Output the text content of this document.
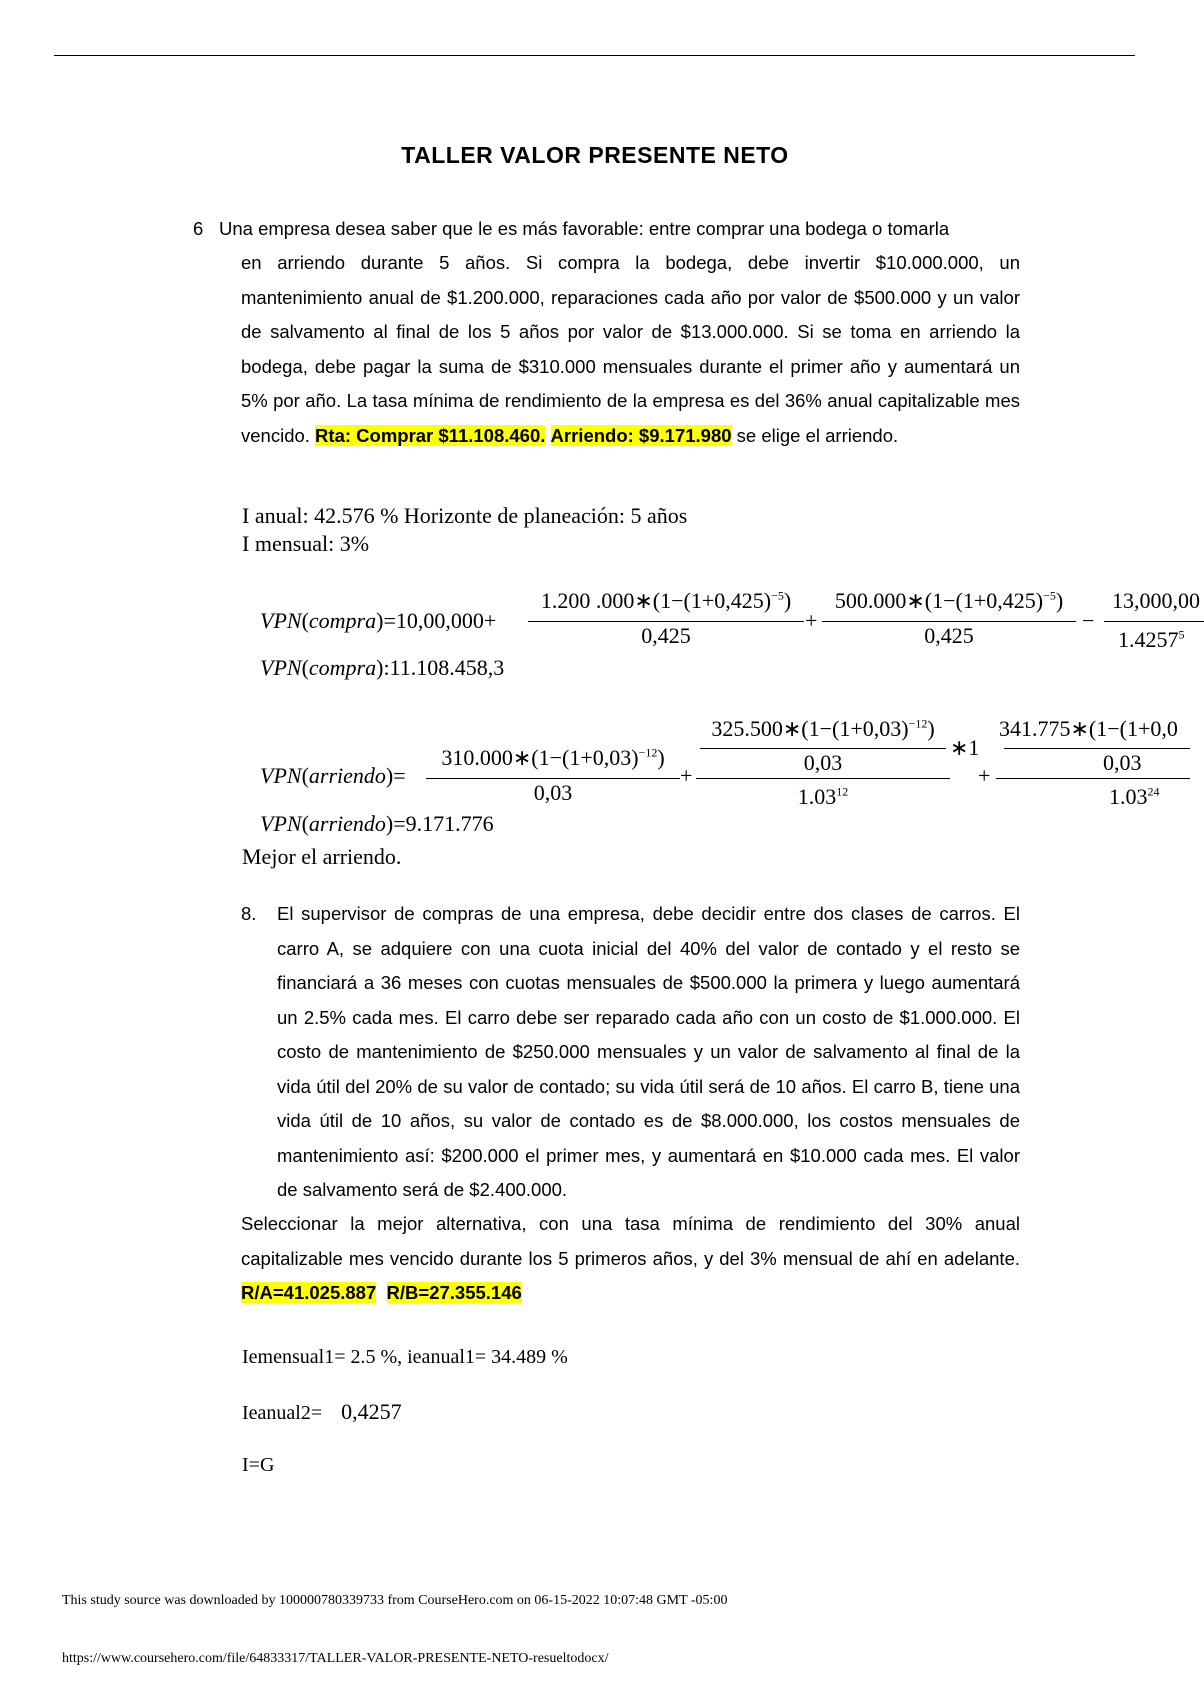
TALLER VALOR PRESENTE NETO
6 Una empresa desea saber que le es más favorable: entre comprar una bodega o tomarla
en arriendo durante 5 años. Si compra la bodega, debe invertir $10.000.000, un mantenimiento anual de $1.200.000, reparaciones cada año por valor de $500.000 y un valor de salvamento al final de los 5 años por valor de $13.000.000. Si se toma en arriendo la bodega, debe pagar la suma de $310.000 mensuales durante el primer año y aumentará un 5% por año. La tasa mínima de rendimiento de la empresa es del 36% anual capitalizable mes vencido. Rta: Comprar $11.108.460. Arriendo: $9.171.980 se elige el arriendo.
I anual: 42.576 % Horizonte de planeación: 5 años
I mensual: 3%
VPN(compra)=10,00,000+
1.200 $.000∗(1-(1+0,425)^{-5})$
0,425
+
$500.000∗(1-(1+0,425)^{-5})$
0,425
−
13,000,00
1.4257$^5$
VPN(compra):11.108.458,3
VPN(arriendo)=
$310.000∗(1-(1+0,03)^{-12})$
0,03
+
$325.500∗(1-(1+0,03)^{-12})$
0,03
1.03$^{12}$
∗1
+
341.775∗(1−(1+0,0
0,03
1.03$^{24}$
VPN(arriendo)=9.171.776
Mejor el arriendo.
8. El supervisor de compras de una empresa, debe decidir entre dos clases de carros. El carro A, se adquiere con una cuota inicial del 40% del valor de contado y el resto se financiará a 36 meses con cuotas mensuales de $500.000 la primera y luego aumentará un 2.5% cada mes. El carro debe ser reparado cada año con un costo de $1.000.000. El costo de mantenimiento de $250.000 mensuales y un valor de salvamento al final de la vida útil del 20% de su valor de contado; su vida útil será de 10 años. El carro B, tiene una vida útil de 10 años, su valor de contado es de $8.000.000, los costos mensuales de mantenimiento así: $200.000 el primer mes, y aumentará en $10.000 cada mes. El valor de salvamento será de $2.400.000.
Seleccionar la mejor alternativa, con una tasa mínima de rendimiento del 30% anual capitalizable mes vencido durante los 5 primeros años, y del 3% mensual de ahí en adelante. R/A=41.025.887 R/B=27.355.146
Iemensual1= 2.5 %, ieanual1= 34.489 %
Ieanual2= 0,4257
I=G
This study source was downloaded by 100000780339733 from CourseHero.com on 06-15-2022 10:07:48 GMT -05:00
https://www.coursehero.com/file/64833317/TALLER-VALOR-PRESENTE-NETO-resueltodocx/
